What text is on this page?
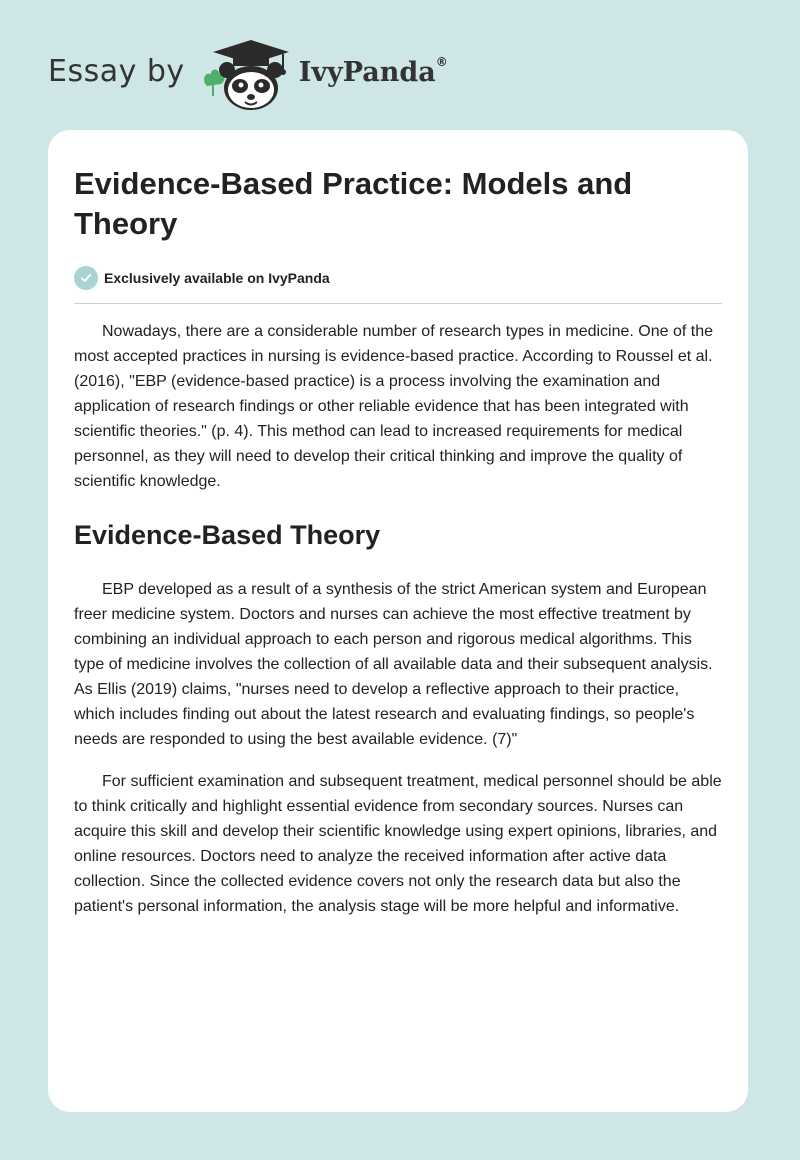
Essay by	IvyPanda®
Evidence-Based Practice: Models and Theory
Exclusively available on IvyPanda

Nowadays, there are a considerable number of research types in medicine. One of the most accepted practices in nursing is evidence-based practice. According to Roussel et al. (2016), "EBP (evidence-based practice) is a process involving the examination and application of research findings or other reliable evidence that has been integrated with scientific theories." (p. 4). This method can lead to increased requirements for medical personnel, as they will need to develop their critical thinking and improve the quality of scientific knowledge.

Evidence-Based Theory

EBP developed as a result of a synthesis of the strict American system and European freer medicine system. Doctors and nurses can achieve the most effective treatment by combining an individual approach to each person and rigorous medical algorithms. This type of medicine involves the collection of all available data and their subsequent analysis. As Ellis (2019) claims, "nurses need to develop a reflective approach to their practice, which includes finding out about the latest research and evaluating findings, so people's needs are responded to using the best available evidence. (7)"

For sufficient examination and subsequent treatment, medical personnel should be able to think critically and highlight essential evidence from secondary sources. Nurses can acquire this skill and develop their scientific knowledge using expert opinions, libraries, and online resources. Doctors need to analyze the received information after active data collection. Since the collected evidence covers not only the research data but also the patient's personal information, the analysis stage will be more helpful and informative.
